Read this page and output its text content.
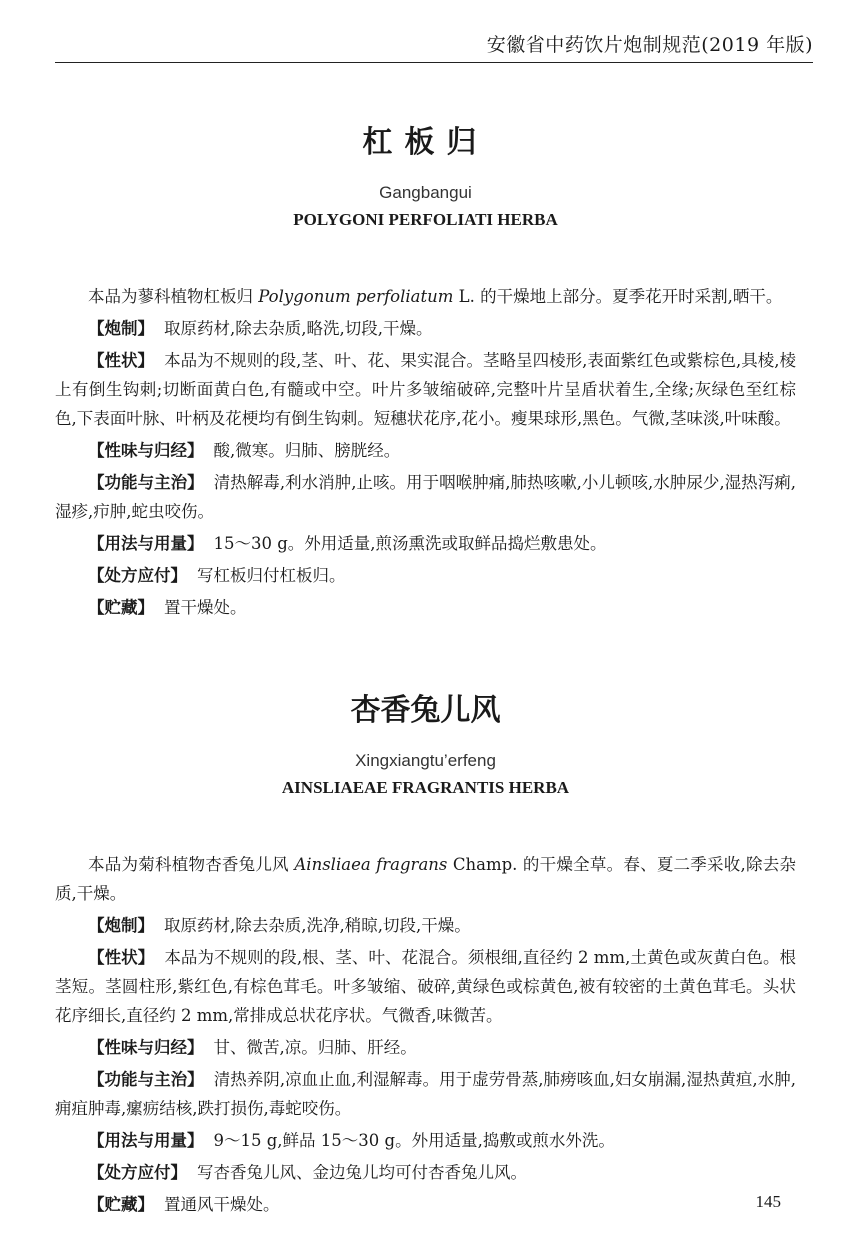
安徽省中药饮片炮制规范(2019 年版)
杠板归
Gangbangui
POLYGONI PERFOLIATI HERBA

本品为蓼科植物杠板归 Polygonum perfoliatum L. 的干燥地上部分。夏季花开时采割,晒干。

【 炮制 】 取原药材,除去杂质,略洗,切段,干燥。

【 性状 】 本品为不规则的段,茎、叶、花、果实混合。茎略呈四棱形,表面紫红色或紫棕色,具棱,棱上有倒生钩刺;切断面黄白色,有髓或中空。叶片多皱缩破碎,完整叶片呈盾状着生,全缘;灰绿色至红棕色,下表面叶脉、叶柄及花梗均有倒生钩刺。短穗状花序,花小。瘦果球形,黑色。气微,茎味淡,叶味酸。

【 性味与归经 】 酸,微寒。归肺、膀胱经。

【 功能与主治 】 清热解毒,利水消肿,止咳。用于咽喉肿痛,肺热咳嗽,小儿顿咳,水肿尿少,湿热泻痢,湿疹,疖肿,蛇虫咬伤。

【 用法与用量 】 15～30 g。外用适量,煎汤熏洗或取鲜品捣烂敷患处。

【 处方应付 】 写杠板归付杠板归。

【 贮藏 】 置干燥处。

杏香兔儿风
Xingxiangtu’erfeng
AINSLIAEAE FRAGRANTIS HERBA

本品为菊科植物杏香兔儿风 Ainsliaea fragrans Champ. 的干燥全草。春、夏二季采收,除去杂质,干燥。

【 炮制 】 取原药材,除去杂质,洗净,稍晾,切段,干燥。

【 性状 】 本品为不规则的段,根、茎、叶、花混合。须根细,直径约 2 mm,土黄色或灰黄白色。根茎短。茎圆柱形,紫红色,有棕色茸毛。叶多皱缩、破碎,黄绿色或棕黄色,被有较密的土黄色茸毛。头状花序细长,直径约 2 mm,常排成总状花序状。气微香,味微苦。

【 性味与归经 】 甘、微苦,凉。归肺、肝经。

【 功能与主治 】 清热养阴,凉血止血,利湿解毒。用于虚劳骨蒸,肺痨咳血,妇女崩漏,湿热黄疸,水肿,痈疽肿毒,瘰疬结核,跌打损伤,毒蛇咬伤。

【 用法与用量 】 9～15 g,鲜品 15～30 g。外用适量,捣敷或煎水外洗。

【 处方应付 】 写杏香兔儿风、金边兔儿均可付杏香兔儿风。

【 贮藏 】 置通风干燥处。	145
